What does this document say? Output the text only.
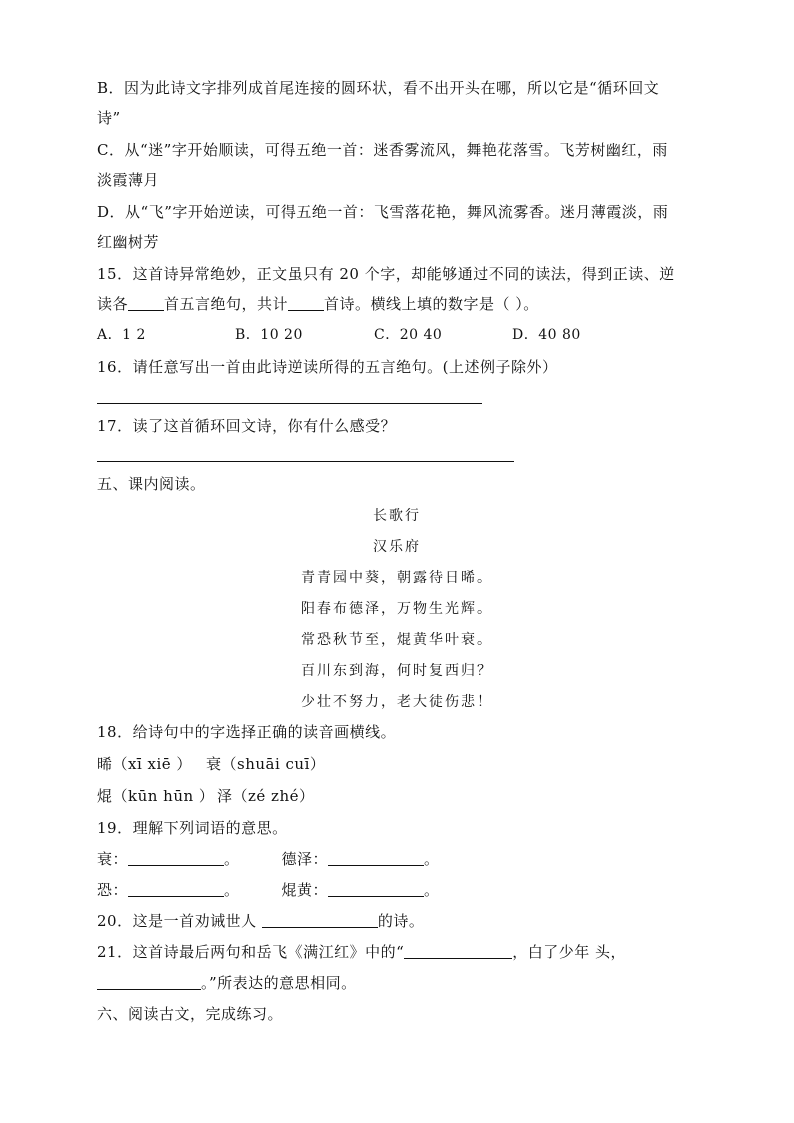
B．因为此诗文字排列成首尾连接的圆环状，看不出开头在哪，所以它是“循环回文
诗”
C．从“迷”字开始顺读，可得五绝一首：迷香雾流风，舞艳花落雪。飞芳树幽红，雨
淡霞薄月
D．从“飞”字开始逆读，可得五绝一首：飞雪落花艳，舞风流雾香。迷月薄霞淡，雨
红幽树芳
15．这首诗异常绝妙，正文虽只有 20 个字，却能够通过不同的读法，得到正读、逆
读各 首五言绝句，共计 首诗。横线上填的数字是（ ）。
A．1 2	B．10 20	C．20 40	D．40 80
16．请任意写出一首由此诗逆读所得的五言绝句。(上述例子除外）
17．读了这首循环回文诗，你有什么感受？
五、课内阅读。
长歌行
汉乐府
青青园中葵，朝露待日晞。
阳春布德泽，万物生光辉。
常恐秋节至，焜黄华叶衰。
百川东到海，何时复西归？
少壮不努力，老大徒伤悲！
18．给诗句中的字选择正确的读音画横线。
晞（xī xiē ） 衰（shuāi cuī）
焜（kūn hūn ） 泽（zé zhé）
19．理解下列词语的意思。
衰：	。	德泽：	。
恐：	。	焜黄：	。
20．这是一首劝诫世人	的诗。
21．这首诗最后两句和岳飞《满江红》中的“	，白了少年 头，
。”所表达的意思相同。
六、阅读古文，完成练习。
